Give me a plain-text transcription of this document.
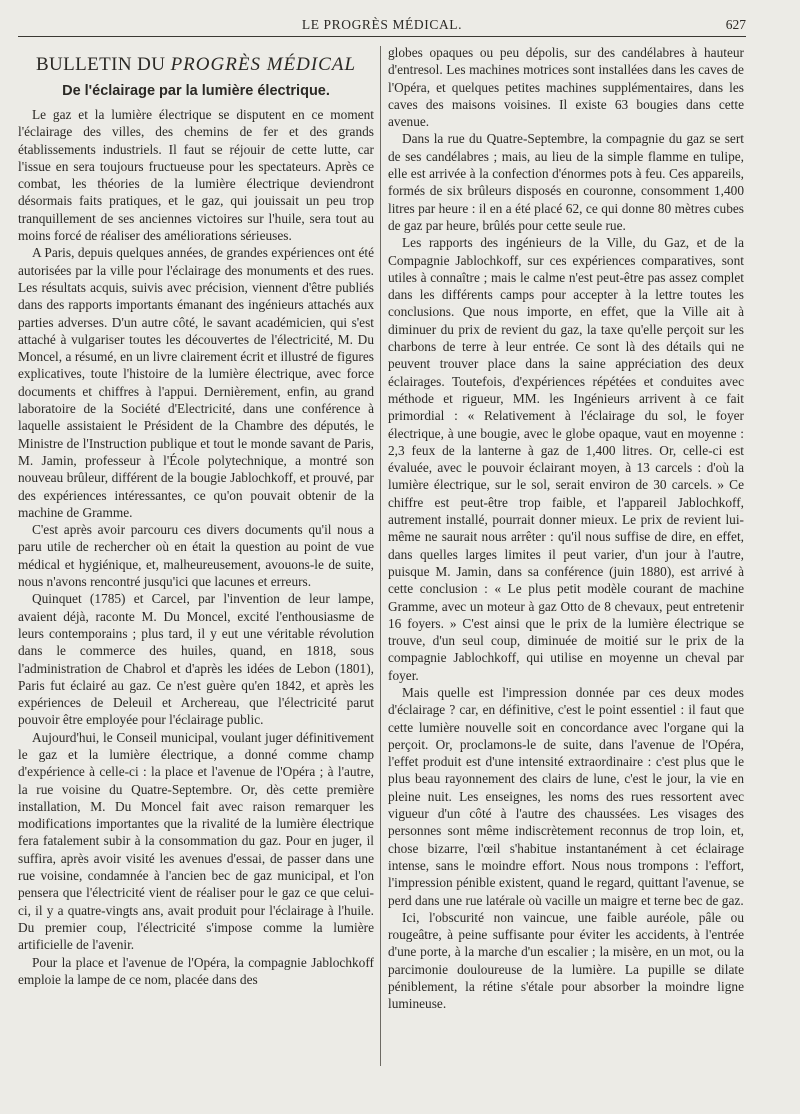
LE PROGRÈS MÉDICAL.	627
BULLETIN DU PROGRÈS MÉDICAL
De l'éclairage par la lumière électrique.

Le gaz et la lumière électrique se disputent en ce moment l'éclairage des villes, des chemins de fer et des grands établissements industriels. Il faut se réjouir de cette lutte, car l'issue en sera toujours fructueuse pour les spectateurs. Après ce combat, les théories de la lumière électrique deviendront désormais faits pratiques, et le gaz, qui jouissait un peu trop tranquillement de ses anciennes victoires sur l'huile, sera tout au moins forcé de réaliser des améliorations sérieuses.

A Paris, depuis quelques années, de grandes expériences ont été autorisées par la ville pour l'éclairage des monuments et des rues. Les résultats acquis, suivis avec précision, viennent d'être publiés dans des rapports importants émanant des ingénieurs attachés aux parties adverses. D'un autre côté, le savant académicien, qui s'est attaché à vulgariser toutes les découvertes de l'électricité, M. Du Moncel, a résumé, en un livre clairement écrit et illustré de figures explicatives, toute l'histoire de la lumière électrique, avec force documents et chiffres à l'appui. Dernièrement, enfin, au grand laboratoire de la Société d'Electricité, dans une conférence à laquelle assistaient le Président de la Chambre des députés, le Ministre de l'Instruction publique et tout le monde savant de Paris, M. Jamin, professeur à l'École polytechnique, a montré son nouveau brûleur, différent de la bougie Jablochkoff, et prouvé, par des expériences intéressantes, ce qu'on pouvait obtenir de la machine de Gramme.

C'est après avoir parcouru ces divers documents qu'il nous a paru utile de rechercher où en était la question au point de vue médical et hygiénique, et, malheureusement, avouons-le de suite, nous n'avons rencontré jusqu'ici que lacunes et erreurs.

Quinquet (1785) et Carcel, par l'invention de leur lampe, avaient déjà, raconte M. Du Moncel, excité l'enthousiasme de leurs contemporains ; plus tard, il y eut une véritable révolution dans le commerce des huiles, quand, en 1818, sous l'administration de Chabrol et d'après les idées de Lebon (1801), Paris fut éclairé au gaz. Ce n'est guère qu'en 1842, et après les expériences de Deleuil et Archereau, que l'électricité parut pouvoir être employée pour l'éclairage public.

Aujourd'hui, le Conseil municipal, voulant juger définitivement le gaz et la lumière électrique, a donné comme champ d'expérience à celle-ci : la place et l'avenue de l'Opéra ; à l'autre, la rue voisine du Quatre-Septembre. Or, dès cette première installation, M. Du Moncel fait avec raison remarquer les modifications importantes que la rivalité de la lumière électrique fera fatalement subir à la consommation du gaz. Pour en juger, il suffira, après avoir visité les avenues d'essai, de passer dans une rue voisine, condamnée à l'ancien bec de gaz municipal, et l'on pensera que l'électricité vient de réaliser pour le gaz ce que celui-ci, il y a quatre-vingts ans, avait produit pour l'éclairage à l'huile. Du premier coup, l'électricité s'impose comme la lumière artificielle de l'avenir.

Pour la place et l'avenue de l'Opéra, la compagnie Jablochkoff emploie la lampe de ce nom, placée dans des

globes opaques ou peu dépolis, sur des candélabres à hauteur d'entresol. Les machines motrices sont installées dans les caves de l'Opéra, et quelques petites machines supplémentaires, dans les caves des maisons voisines. Il existe 63 bougies dans cette avenue.

Dans la rue du Quatre-Septembre, la compagnie du gaz se sert de ses candélabres ; mais, au lieu de la simple flamme en tulipe, elle est arrivée à la confection d'énormes pots à feu. Ces appareils, formés de six brûleurs disposés en couronne, consomment 1,400 litres par heure : il en a été placé 62, ce qui donne 80 mètres cubes de gaz par heure, brûlés pour cette seule rue.

Les rapports des ingénieurs de la Ville, du Gaz, et de la Compagnie Jablochkoff, sur ces expériences comparatives, sont utiles à connaître ; mais le calme n'est peut-être pas assez complet dans les différents camps pour accepter à la lettre toutes les conclusions. Que nous importe, en effet, que la Ville ait à diminuer du prix de revient du gaz, la taxe qu'elle perçoit sur les charbons de terre à leur entrée. Ce sont là des détails qui ne peuvent trouver place dans la saine appréciation des deux éclairages. Toutefois, d'expériences répétées et conduites avec méthode et rigueur, MM. les Ingénieurs arrivent à ce fait primordial : « Relativement à l'éclairage du sol, le foyer électrique, à une bougie, avec le globe opaque, vaut en moyenne : 2,3 feux de la lanterne à gaz de 1,400 litres. Or, celle-ci est évaluée, avec le pouvoir éclairant moyen, à 13 carcels : d'où la lumière électrique, sur le sol, serait environ de 30 carcels. » Ce chiffre est peut-être trop faible, et l'appareil Jablochkoff, autrement installé, pourrait donner mieux. Le prix de revient lui-même ne saurait nous arrêter : qu'il nous suffise de dire, en effet, dans quelles larges limites il peut varier, d'un jour à l'autre, puisque M. Jamin, dans sa conférence (juin 1880), est arrivé à cette conclusion : « Le plus petit modèle courant de machine Gramme, avec un moteur à gaz Otto de 8 chevaux, peut entretenir 16 foyers. » C'est ainsi que le prix de la lumière électrique se trouve, d'un seul coup, diminuée de moitié sur le prix de la compagnie Jablochkoff, qui utilise en moyenne un cheval par foyer.

Mais quelle est l'impression donnée par ces deux modes d'éclairage ? car, en définitive, c'est le point essentiel : il faut que cette lumière nouvelle soit en concordance avec l'organe qui la perçoit. Or, proclamons-le de suite, dans l'avenue de l'Opéra, l'effet produit est d'une intensité extraordinaire : c'est plus que le plus beau rayonnement des clairs de lune, c'est le jour, la vie en pleine nuit. Les enseignes, les noms des rues ressortent avec vigueur d'un côté à l'autre des chaussées. Les visages des personnes sont même indiscrètement reconnus de trop loin, et, chose bizarre, l'œil s'habitue instantanément à cet éclairage intense, sans le moindre effort. Nous nous trompons : l'effort, l'impression pénible existent, quand le regard, quittant l'avenue, se perd dans une rue latérale où vacille un maigre et terne bec de gaz.

Ici, l'obscurité non vaincue, une faible auréole, pâle ou rougeâtre, à peine suffisante pour éviter les accidents, à l'entrée d'une porte, à la marche d'un escalier ; la misère, en un mot, ou la parcimonie douloureuse de la lumière. La pupille se dilate péniblement, la rétine s'étale pour absorber la moindre ligne lumineuse.
